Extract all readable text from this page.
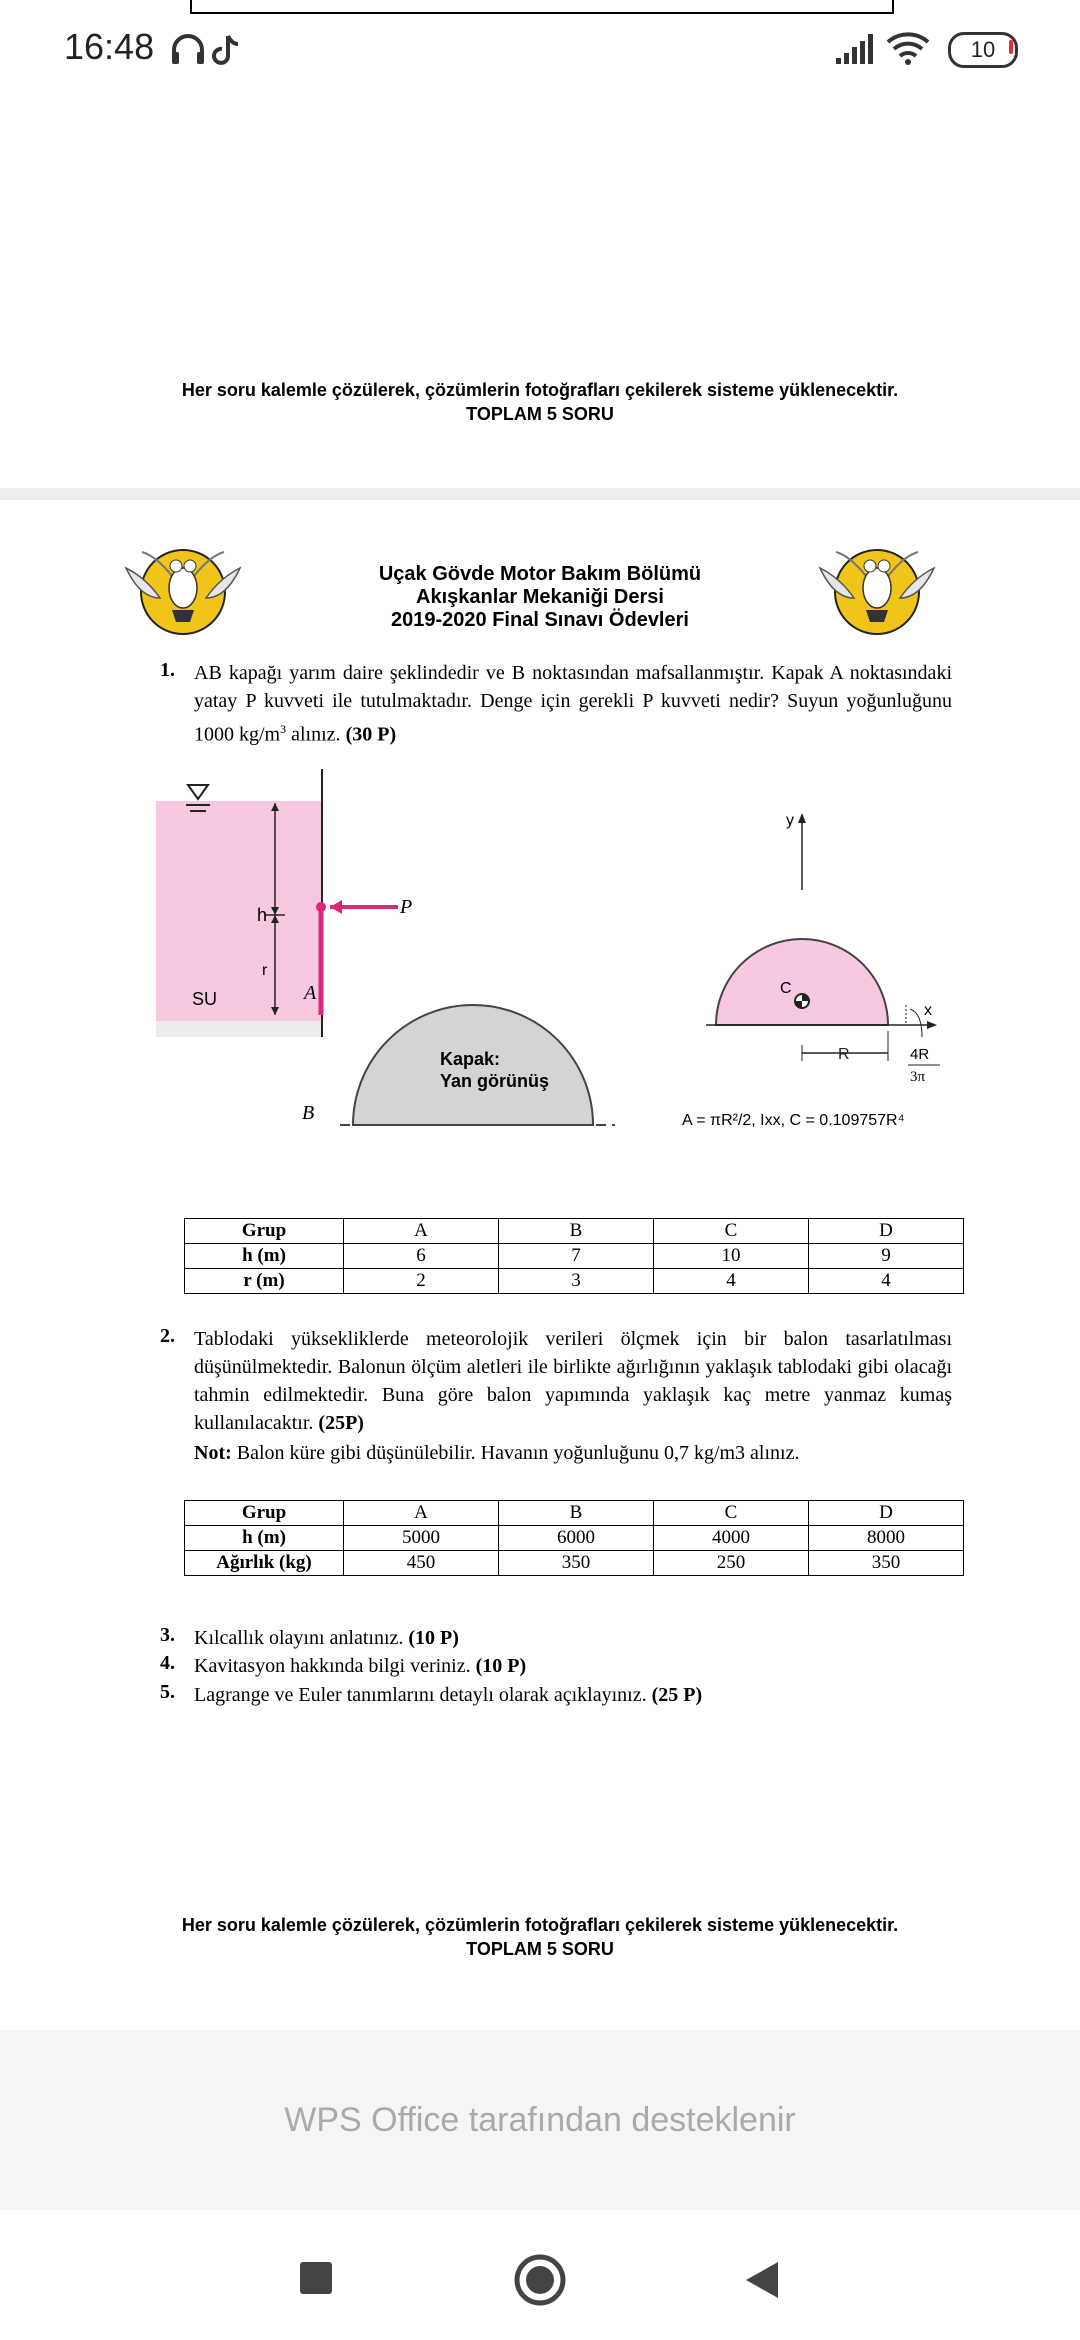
16:48	10
Her soru kalemle çözülerek, çözümlerin fotoğrafları çekilerek sisteme yüklenecektir.
TOPLAM 5 SORU
Uçak Gövde Motor Bakım Bölümü
Akışkanlar Mekaniği Dersi
2019-2020 Final Sınavı Ödevleri
1. AB kapağı yarım daire şeklindedir ve B noktasından mafsallanmıştır. Kapak A noktasındaki yatay P kuvveti ile tutulmaktadır. Denge için gerekli P kuvveti nedir? Suyun yoğunluğunu 1000 $kg/m^3$ alınız. (30 P)
h
r
SU	A
B
P
Kapak:
Yan görünüş
y
x
C
R	4R
3π
A = πR²/2, Ixx, C = 0.109757R⁴
Grup	A	B	C	D
h (m)	6	7	10	9
r (m)	2	3	4	4
2. Tablodaki yüksekliklerde meteorolojik verileri ölçmek için bir balon tasarlatılması düşünülmektedir. Balonun ölçüm aletleri ile birlikte ağırlığının yaklaşık tablodaki gibi olacağı tahmin edilmektedir. Buna göre balon yapımında yaklaşık kaç metre yanmaz kumaş kullanılacaktır. (25P)
Not: Balon küre gibi düşünülebilir. Havanın yoğunluğunu 0,7 kg/m3 alınız.
Grup	A	B	C	D
h (m)	5000	6000	4000	8000
Ağırlık (kg)	450	350	250	350
3. Kılcallık olayını anlatınız. (10 P)
4. Kavitasyon hakkında bilgi veriniz. (10 P)
5. Lagrange ve Euler tanımlarını detaylı olarak açıklayınız. (25 P)
Her soru kalemle çözülerek, çözümlerin fotoğrafları çekilerek sisteme yüklenecektir.
TOPLAM 5 SORU
WPS Office tarafından desteklenir
